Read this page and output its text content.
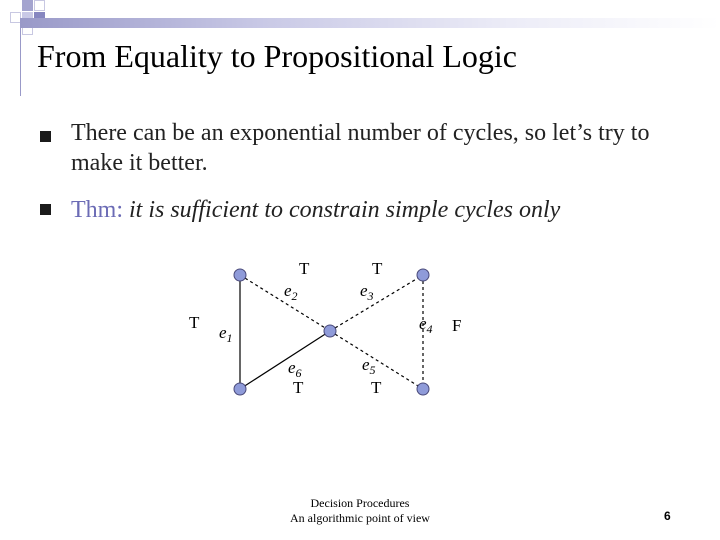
From Equality to Propositional Logic
There can be an exponential number of cycles, so let’s try to make it better.
Thm: it is sufficient to constrain simple cycles only
T	T
T
T	T
F
$e_2$	$e_3$
$e_1$
$e_4$
$e_6$	$e_5$
Decision Procedures
An algorithmic point of view	6
